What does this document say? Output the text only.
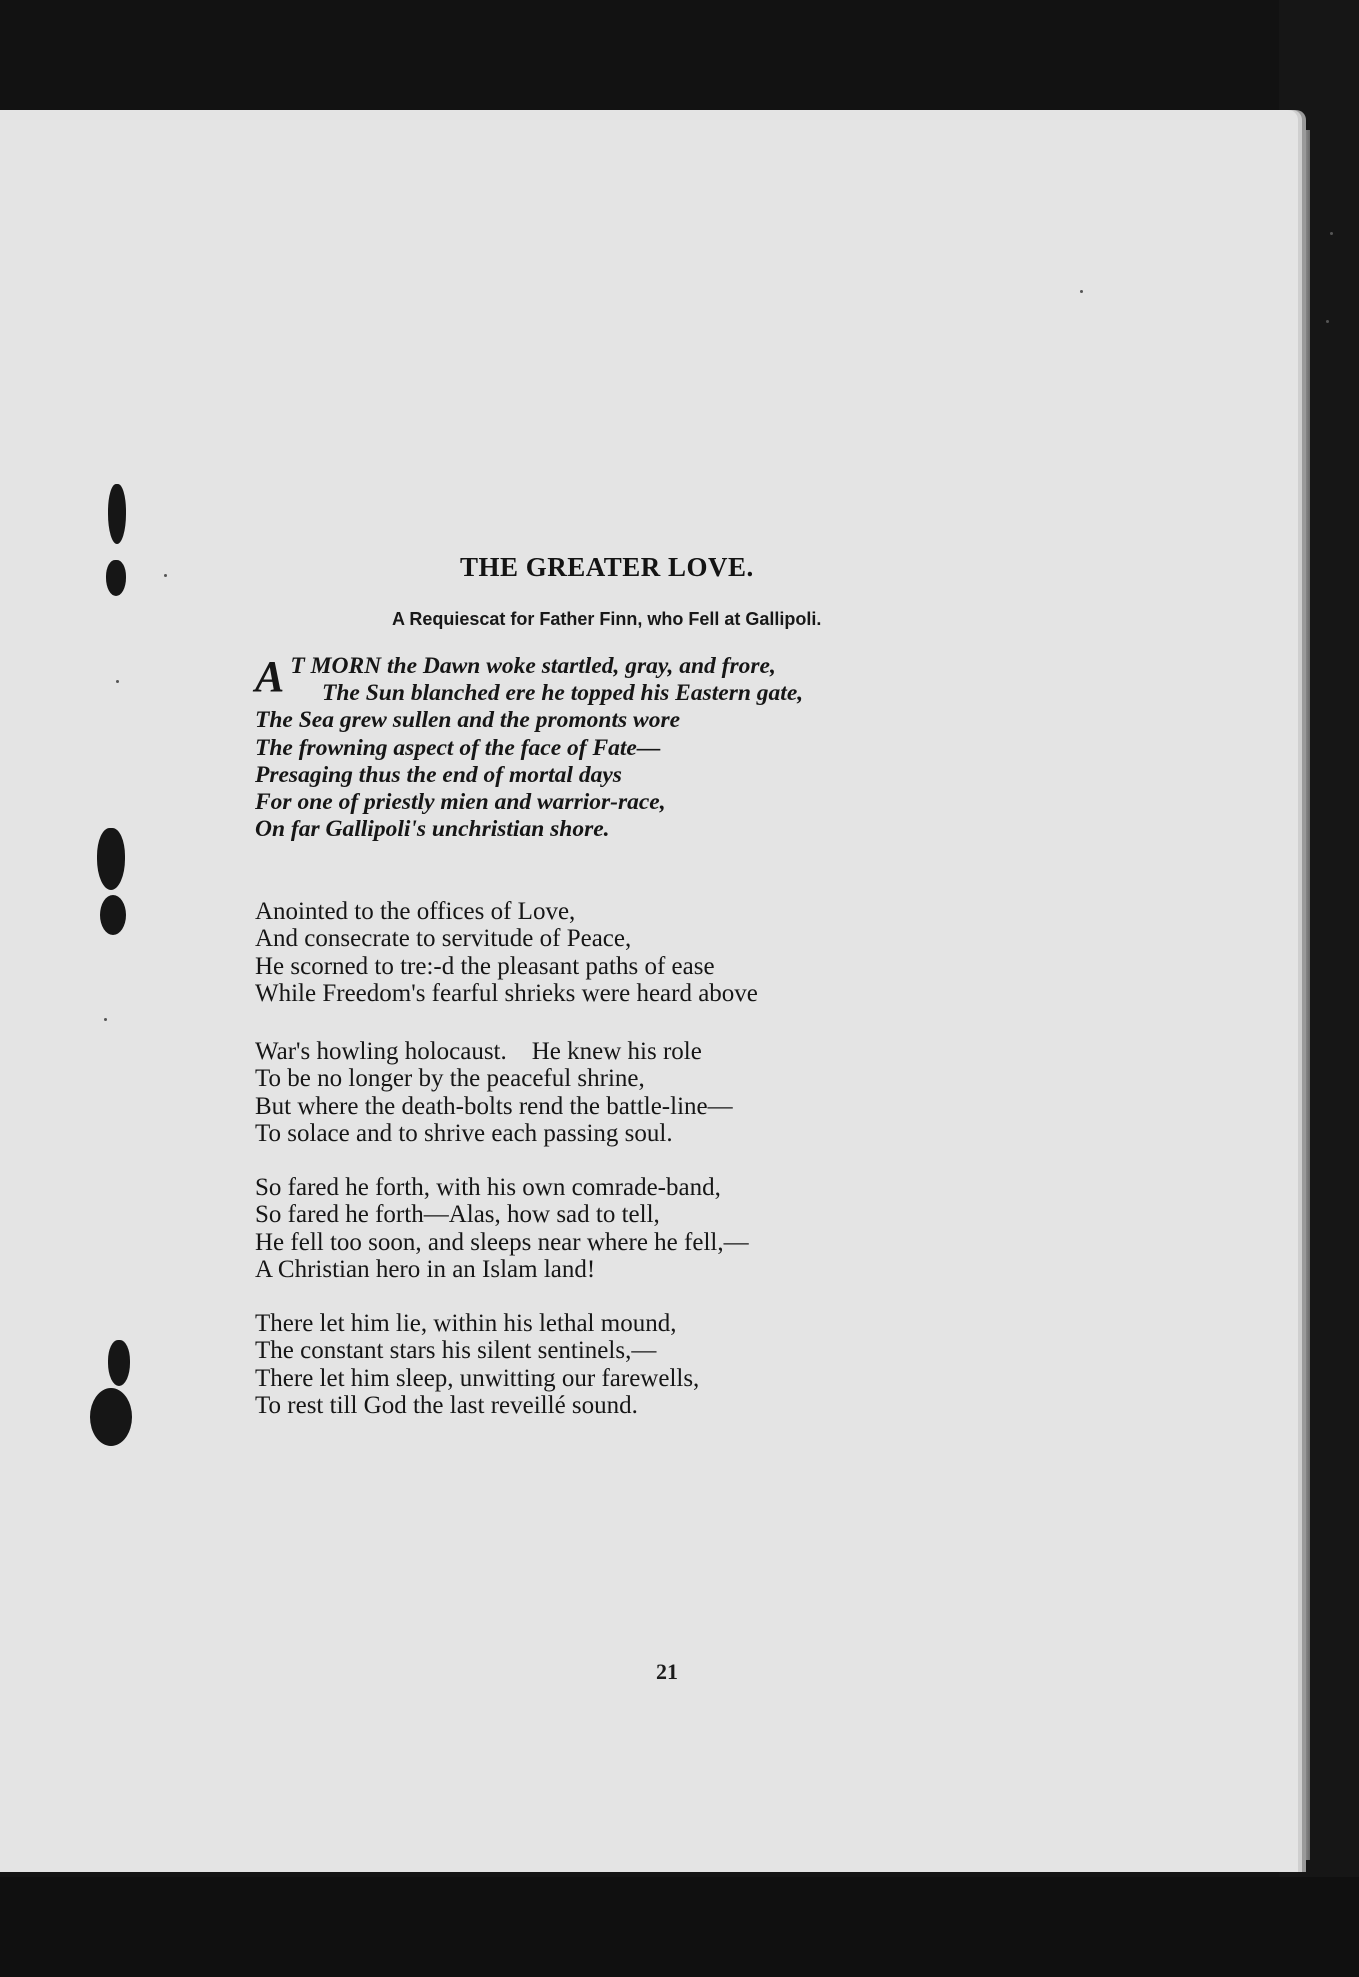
THE GREATER LOVE.

A Requiescat for Father Finn, who Fell at Gallipoli.

A T MORN the Dawn woke startled, gray, and frore,
The Sun blanched ere he topped his Eastern gate,
The Sea grew sullen and the promonts wore
The frowning aspect of the face of Fate—
Presaging thus the end of mortal days
For one of priestly mien and warrior-race,
On far Gallipoli's unchristian shore.
Anointed to the offices of Love,
And consecrate to servitude of Peace,
He scorned to tre:-d the pleasant paths of ease
While Freedom's fearful shrieks were heard above
War's howling holocaust.    He knew his role
To be no longer by the peaceful shrine,
But where the death-bolts rend the battle-line—
To solace and to shrive each passing soul.
So fared he forth, with his own comrade-band,
So fared he forth—Alas, how sad to tell,
He fell too soon, and sleeps near where he fell,—
A Christian hero in an Islam land!
There let him lie, within his lethal mound,
The constant stars his silent sentinels,—
There let him sleep, unwitting our farewells,
To rest till God the last reveillé sound.

21
